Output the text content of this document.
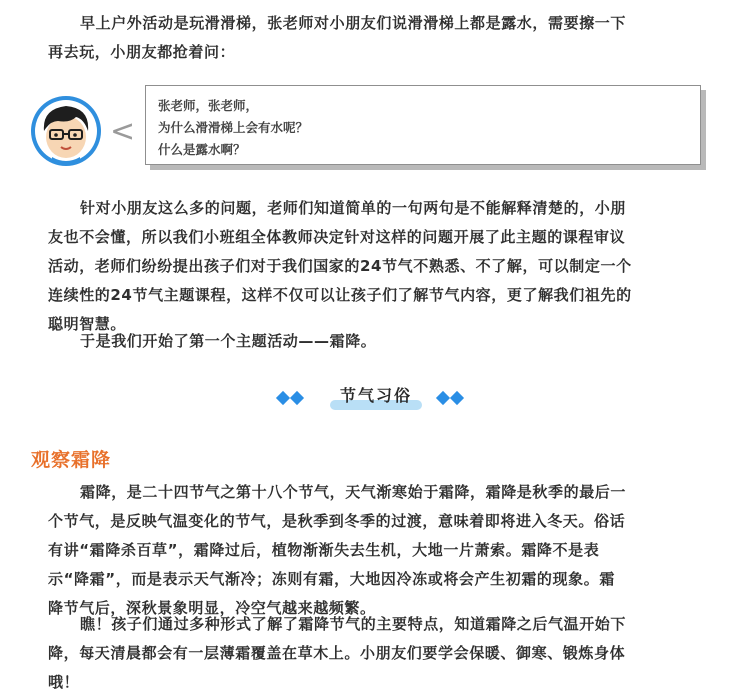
早上户外活动是玩滑滑梯，张老师对小朋友们说滑滑梯上都是露水，需要擦一下
再去玩，小朋友都抢着问：
<
张老师，张老师，
为什么滑滑梯上会有水呢？
什么是露水啊？
针对小朋友这么多的问题，老师们知道简单的一句两句是不能解释清楚的，小朋
友也不会懂，所以我们小班组全体教师决定针对这样的问题开展了此主题的课程审议
活动，老师们纷纷提出孩子们对于我们国家的24节气不熟悉、不了解，可以制定一个
连续性的24节气主题课程，这样不仅可以让孩子们了解节气内容，更了解我们祖先的
聪明智慧。
于是我们开始了第一个主题活动——霜降。
节气习俗
观察霜降
霜降，是二十四节气之第十八个节气，天气渐寒始于霜降，霜降是秋季的最后一
个节气，是反映气温变化的节气，是秋季到冬季的过渡，意味着即将进入冬天。俗话
有讲“霜降杀百草”，霜降过后，植物渐渐失去生机，大地一片萧索。霜降不是表
示“降霜”，而是表示天气渐冷；冻则有霜，大地因冷冻或将会产生初霜的现象。霜
降节气后，深秋景象明显，冷空气越来越频繁。
瞧！孩子们通过多种形式了解了霜降节气的主要特点，知道霜降之后气温开始下
降，每天清晨都会有一层薄霜覆盖在草木上。小朋友们要学会保暖、御寒、锻炼身体
哦！
